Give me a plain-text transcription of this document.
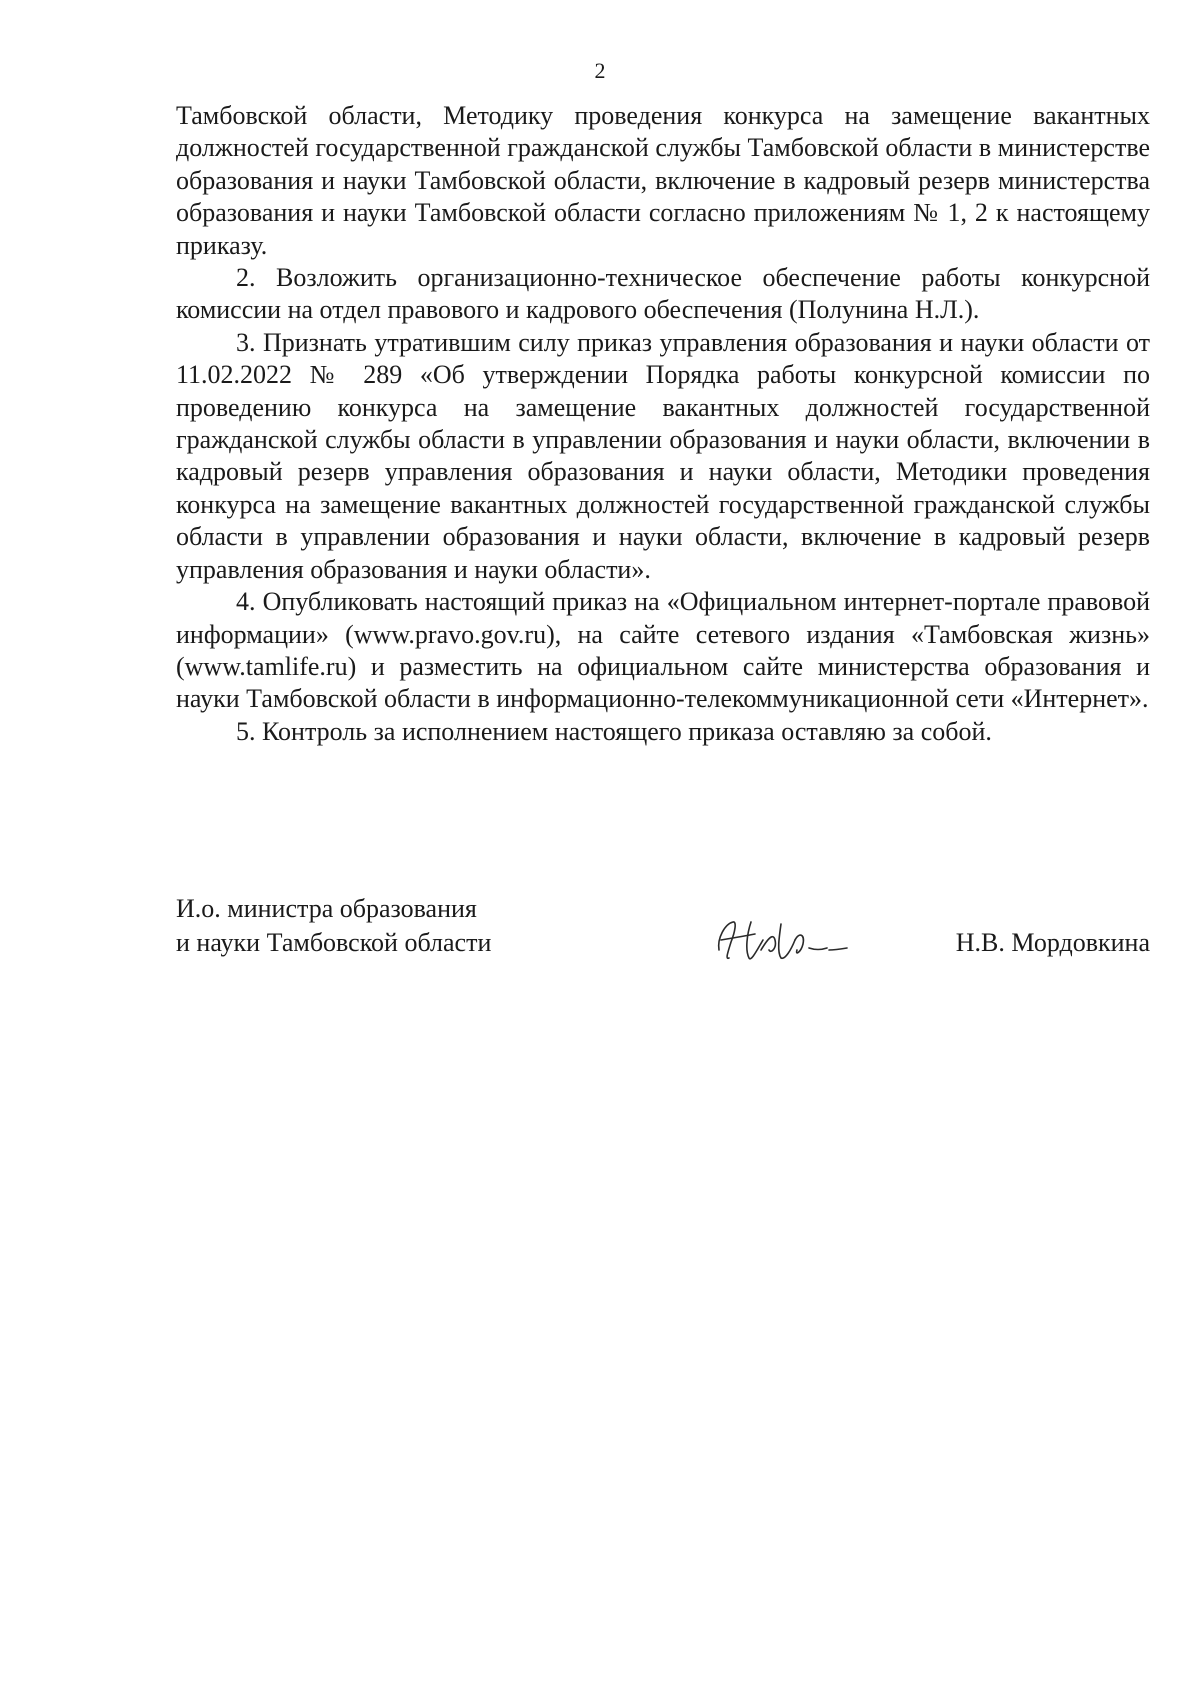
2

Тамбовской области, Методику проведения конкурса на замещение вакантных должностей государственной гражданской службы Тамбовской области в министерстве образования и науки Тамбовской области, включение в кадровый резерв министерства образования и науки Тамбовской области согласно приложениям № 1, 2 к настоящему приказу.

2. Возложить организационно-техническое обеспечение работы конкурсной комиссии на отдел правового и кадрового обеспечения (Полунина Н.Л.).

3. Признать утратившим силу приказ управления образования и науки области от 11.02.2022 № 289 «Об утверждении Порядка работы конкурсной комиссии по проведению конкурса на замещение вакантных должностей государственной гражданской службы области в управлении образования и науки области, включении в кадровый резерв управления образования и науки области, Методики проведения конкурса на замещение вакантных должностей государственной гражданской службы области в управлении образования и науки области, включение в кадровый резерв управления образования и науки области».

4. Опубликовать настоящий приказ на «Официальном интернет-портале правовой информации» (www.pravo.gov.ru), на сайте сетевого издания «Тамбовская жизнь» (www.tamlife.ru) и разместить на официальном сайте министерства образования и науки Тамбовской области в информационно-телекоммуникационной сети «Интернет».

5. Контроль за исполнением настоящего приказа оставляю за собой.

И.о. министра образования
и науки Тамбовской области	Н.В. Мордовкина
